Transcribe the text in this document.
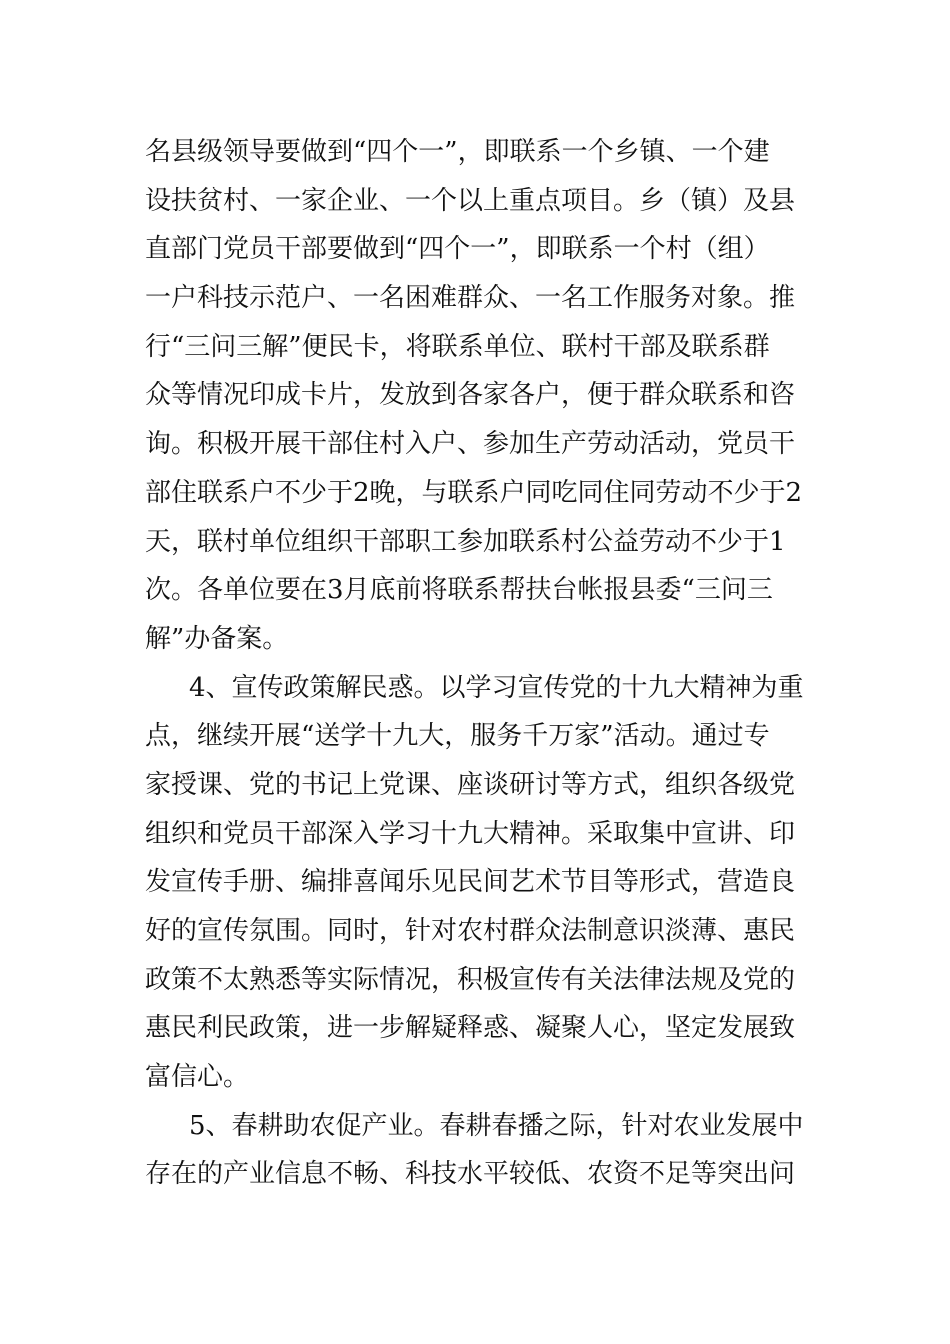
名县级领导要做到“四个一”，即联系一个乡镇、一个建
设扶贫村、一家企业、一个以上重点项目。乡（镇）及县
直部门党员干部要做到“四个一”，即联系一个村（组）
一户科技示范户、一名困难群众、一名工作服务对象。推
行“三问三解”便民卡，将联系单位、联村干部及联系群
众等情况印成卡片，发放到各家各户，便于群众联系和咨
询。积极开展干部住村入户、参加生产劳动活动，党员干
部住联系户不少于2晚，与联系户同吃同住同劳动不少于2
天，联村单位组织干部职工参加联系村公益劳动不少于1
次。各单位要在3月底前将联系帮扶台帐报县委“三问三
解”办备案。
4、宣传政策解民惑。以学习宣传党的十九大精神为重
点，继续开展“送学十九大，服务千万家”活动。通过专
家授课、党的书记上党课、座谈研讨等方式，组织各级党
组织和党员干部深入学习十九大精神。采取集中宣讲、印
发宣传手册、编排喜闻乐见民间艺术节目等形式，营造良
好的宣传氛围。同时，针对农村群众法制意识淡薄、惠民
政策不太熟悉等实际情况，积极宣传有关法律法规及党的
惠民利民政策，进一步解疑释惑、凝聚人心，坚定发展致
富信心。
5、春耕助农促产业。春耕春播之际，针对农业发展中
存在的产业信息不畅、科技水平较低、农资不足等突出问
